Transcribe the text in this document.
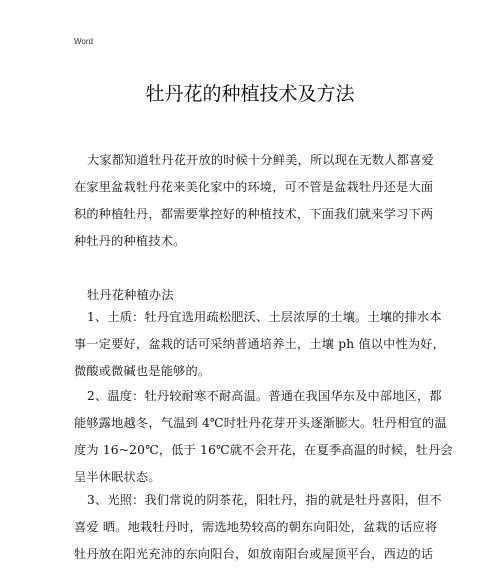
Word
牡丹花的种植技术及方法
大家都知道牡丹花开放的时候十分鲜美，所以现在无数人都喜爱
在家里盆栽牡丹花来美化家中的环境，可不管是盆栽牡丹还是大面
积的种植牡丹，都需要掌控好的种植技术，下面我们就来学习下两
种牡丹的种植技术。
牡丹花种植办法
1、土质：牡丹宜选用疏松肥沃、土层浓厚的土壤。土壤的排水本
事一定要好，盆栽的话可采纳普通培养土，土壤 ph 值以中性为好，
微酸或微碱也是能够的。
2、温度：牡丹较耐寒不耐高温。普通在我国华东及中部地区，都
能够露地越冬，气温到 4℃时牡丹花芽开头逐渐膨大。牡丹相宜的温
度为 16~20℃，低于 16℃就不会开花，在夏季高温的时候，牡丹会
呈半休眠状态。
3、光照：我们常说的阴茶花，阳牡丹，指的就是牡丹喜阳，但不
喜爱 晒。地栽牡丹时，需选地势较高的朝东向阳处，盆栽的话应将
牡丹放在阳光充沛的东向阳台，如放南阳台或屋顶平台，西边的话
